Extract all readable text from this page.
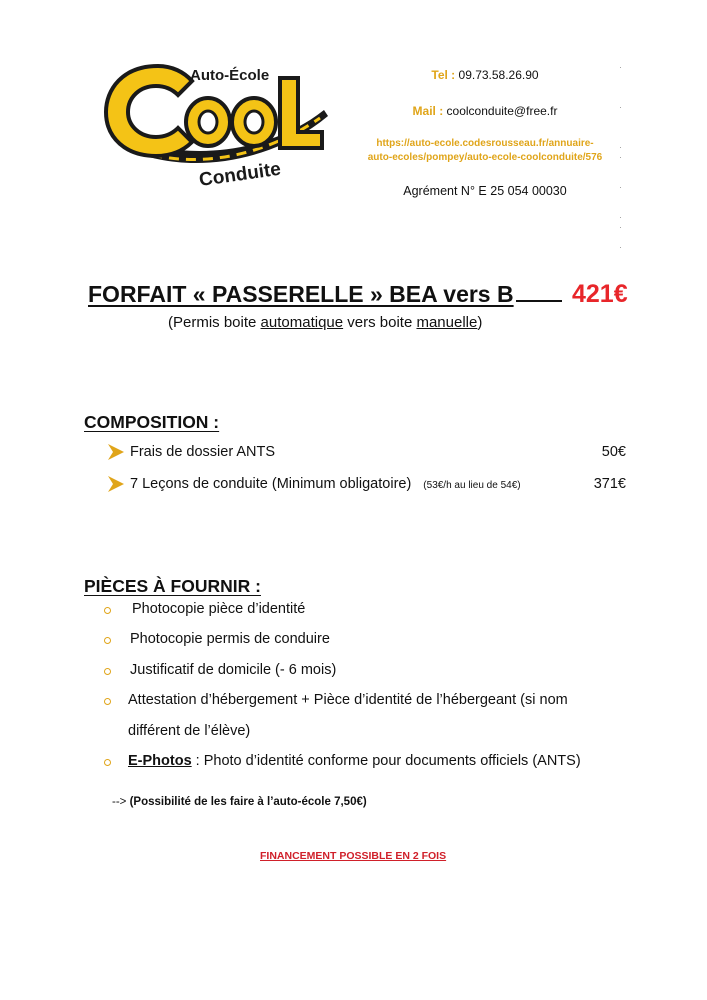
Auto-École
Conduite
Tel : 09.73.58.26.90
Mail : coolconduite@free.fr
https://auto-ecole.codesrousseau.fr/annuaire-
auto-ecoles/pompey/auto-ecole-coolconduite/576
Agrément N° E 25 054 00030
·

·

·
·

·

·
·

·
FORFAIT « PASSERELLE » BEA vers B 421€
(Permis boite automatique vers boite manuelle)
COMPOSITION :
Frais de dossier ANTS	50€
7 Leçons de conduite (Minimum obligatoire) (53€/h au lieu de 54€)	371€
PIÈCES À FOURNIR :
Photocopie pièce d’identité
Photocopie permis de conduire
Justificatif de domicile (- 6 mois)
Attestation d’hébergement + Pièce d’identité de l’hébergeant (si nom
différent de l’élève)
E-Photos : Photo d’identité conforme pour documents officiels (ANTS)
--> (Possibilité de les faire à l’auto-école 7,50€)
FINANCEMENT POSSIBLE EN 2 FOIS
